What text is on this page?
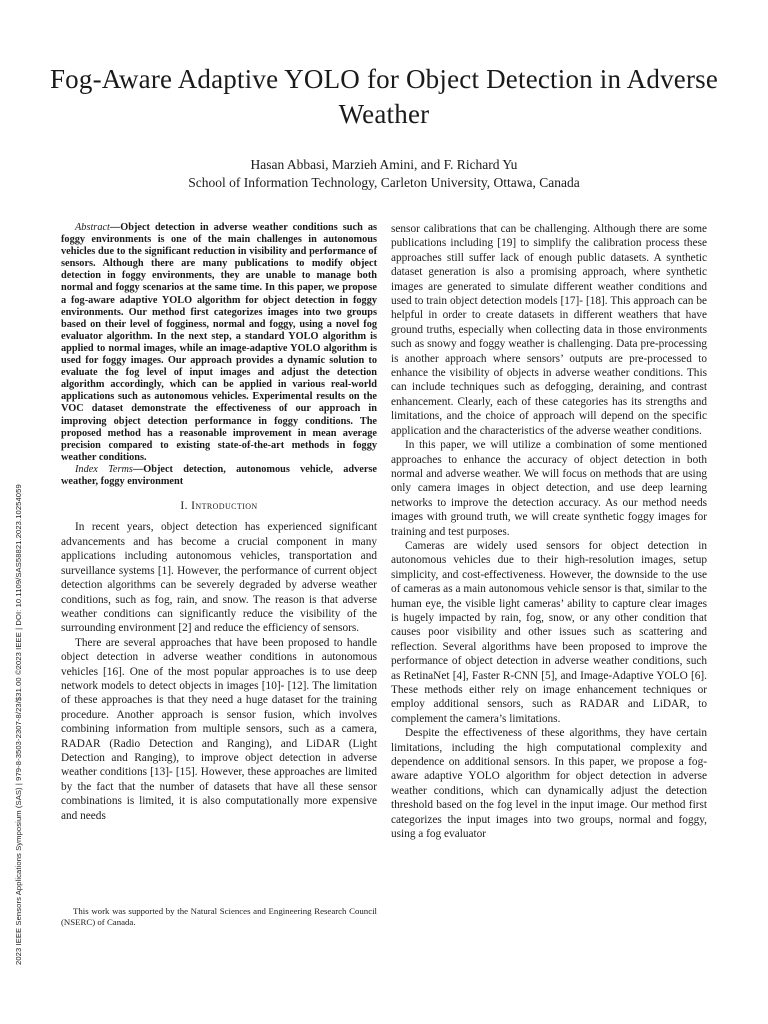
Fog-Aware Adaptive YOLO for Object Detection in Adverse Weather
Hasan Abbasi, Marzieh Amini, and F. Richard Yu
School of Information Technology, Carleton University, Ottawa, Canada

Abstract—Object detection in adverse weather conditions such as foggy environments is one of the main challenges in autonomous vehicles due to the significant reduction in visibility and performance of sensors. Although there are many publications to modify object detection in foggy environments, they are unable to manage both normal and foggy scenarios at the same time. In this paper, we propose a fog-aware adaptive YOLO algorithm for object detection in foggy environments. Our method first categorizes images into two groups based on their level of fogginess, normal and foggy, using a novel fog evaluator algorithm. In the next step, a standard YOLO algorithm is applied to normal images, while an image-adaptive YOLO algorithm is used for foggy images. Our approach provides a dynamic solution to evaluate the fog level of input images and adjust the detection algorithm accordingly, which can be applied in various real-world applications such as autonomous vehicles. Experimental results on the VOC dataset demonstrate the effectiveness of our approach in improving object detection performance in foggy conditions. The proposed method has a reasonable improvement in mean average precision compared to existing state-of-the-art methods in foggy weather conditions.

Index Terms—Object detection, autonomous vehicle, adverse weather, foggy environment

I. Introduction

In recent years, object detection has experienced significant advancements and has become a crucial component in many applications including autonomous vehicles, transportation and surveillance systems [1]. However, the performance of current object detection algorithms can be severely degraded by adverse weather conditions, such as fog, rain, and snow. The reason is that adverse weather conditions can significantly reduce the visibility of the surrounding environment [2] and reduce the efficiency of sensors.

There are several approaches that have been proposed to handle object detection in adverse weather conditions in autonomous vehicles [16]. One of the most popular approaches is to use deep network models to detect objects in images [10]- [12]. The limitation of these approaches is that they need a huge dataset for the training procedure. Another approach is sensor fusion, which involves combining information from multiple sensors, such as a camera, RADAR (Radio Detection and Ranging), and LiDAR (Light Detection and Ranging), to improve object detection in adverse weather conditions [13]- [15]. However, these approaches are limited by the fact that the number of datasets that have all these sensor combinations is limited, it is also computationally more expensive and needs

sensor calibrations that can be challenging. Although there are some publications including [19] to simplify the calibration process these approaches still suffer lack of enough public datasets. A synthetic dataset generation is also a promising approach, where synthetic images are generated to simulate different weather conditions and used to train object detection models [17]- [18]. This approach can be helpful in order to create datasets in different weathers that have ground truths, especially when collecting data in those environments such as snowy and foggy weather is challenging. Data pre-processing is another approach where sensors’ outputs are pre-processed to enhance the visibility of objects in adverse weather conditions. This can include techniques such as defogging, deraining, and contrast enhancement. Clearly, each of these categories has its strengths and limitations, and the choice of approach will depend on the specific application and the characteristics of the adverse weather conditions.

In this paper, we will utilize a combination of some mentioned approaches to enhance the accuracy of object detection in both normal and adverse weather. We will focus on methods that are using only camera images in object detection, and use deep learning networks to improve the detection accuracy. As our method needs images with ground truth, we will create synthetic foggy images for training and test purposes.

Cameras are widely used sensors for object detection in autonomous vehicles due to their high-resolution images, setup simplicity, and cost-effectiveness. However, the downside to the use of cameras as a main autonomous vehicle sensor is that, similar to the human eye, the visible light cameras’ ability to capture clear images is hugely impacted by rain, fog, snow, or any other condition that causes poor visibility and other issues such as scattering and reflection. Several algorithms have been proposed to improve the performance of object detection in adverse weather conditions, such as RetinaNet [4], Faster R-CNN [5], and Image-Adaptive YOLO [6]. These methods either rely on image enhancement techniques or employ additional sensors, such as RADAR and LiDAR, to complement the camera’s limitations.

Despite the effectiveness of these algorithms, they have certain limitations, including the high computational complexity and dependence on additional sensors. In this paper, we propose a fog-aware adaptive YOLO algorithm for object detection in adverse weather conditions, which can dynamically adjust the detection threshold based on the fog level in the input image. Our method first categorizes the input images into two groups, normal and foggy, using a fog evaluator

This work was supported by the Natural Sciences and Engineering Research Council (NSERC) of Canada.
2023 IEEE Sensors Applications Symposium (SAS) | 979-8-3503-2307-8/23/$31.00 ©2023 IEEE | DOI: 10.1109/SAS58821.2023.10254059
